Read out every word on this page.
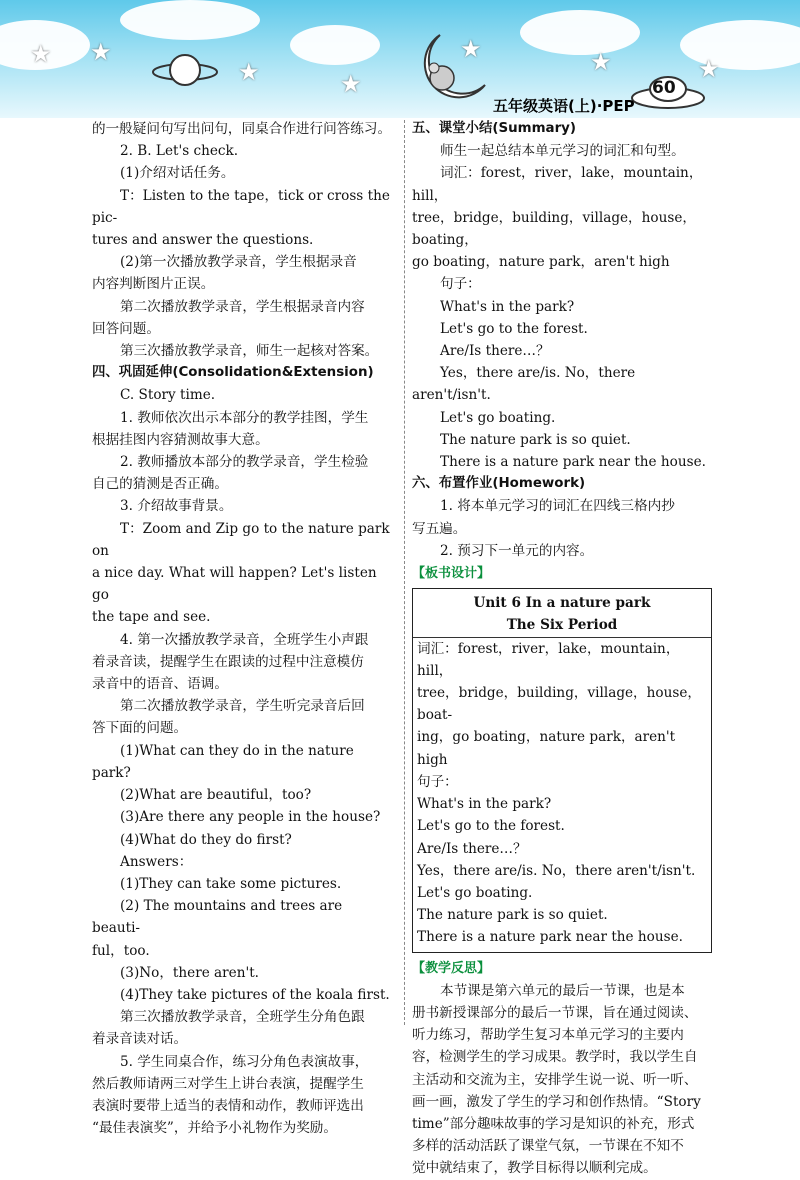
★ ★
★	★
★	★	★
60
五年级英语(上)·PEP

的一般疑问句写出问句，同桌合作进行问答练习。

2. B. Let's check.

(1)介绍对话任务。

T：Listen to the tape，tick or cross the pic-

tures and answer the questions.

(2)第一次播放教学录音，学生根据录音

内容判断图片正误。

第二次播放教学录音，学生根据录音内容

回答问题。

第三次播放教学录音，师生一起核对答案。

四、巩固延伸(Consolidation&Extension)

C. Story time.

1. 教师依次出示本部分的教学挂图，学生

根据挂图内容猜测故事大意。

2. 教师播放本部分的教学录音，学生检验

自己的猜测是否正确。

3. 介绍故事背景。

T：Zoom and Zip go to the nature park on

a nice day. What will happen? Let's listen go

the tape and see.

4. 第一次播放教学录音，全班学生小声跟

着录音读，提醒学生在跟读的过程中注意模仿

录音中的语音、语调。

第二次播放教学录音，学生听完录音后回

答下面的问题。

(1)What can they do in the nature park?

(2)What are beautiful，too?

(3)Are there any people in the house?

(4)What do they do first?

Answers：

(1)They can take some pictures.

(2) The mountains and trees are beauti-

ful，too.

(3)No，there aren't.

(4)They take pictures of the koala first.

第三次播放教学录音，全班学生分角色跟

着录音读对话。

5. 学生同桌合作，练习分角色表演故事，

然后教师请两三对学生上讲台表演，提醒学生

表演时要带上适当的表情和动作，教师评选出

“最佳表演奖”，并给予小礼物作为奖励。

五、课堂小结(Summary)

师生一起总结本单元学习的词汇和句型。

词汇：forest，river，lake，mountain，hill，

tree，bridge，building，village，house，boating，

go boating，nature park，aren't high

句子：

What's in the park?

Let's go to the forest.

Are/Is there…？

Yes，there are/is. No，there aren't/isn't.

Let's go boating.

The nature park is so quiet.

There is a nature park near the house.

六、布置作业(Homework)

1. 将本单元学习的词汇在四线三格内抄

写五遍。

2. 预习下一单元的内容。

【板书设计】

Unit 6 In a nature park

The Six Period

词汇：forest，river，lake，mountain，hill，

tree，bridge，building，village，house，boat-

ing，go boating，nature park，aren't high

句子：

What's in the park?

Let's go to the forest.

Are/Is there…？

Yes，there are/is. No，there aren't/isn't.

Let's go boating.

The nature park is so quiet.

There is a nature park near the house.

【教学反思】

本节课是第六单元的最后一节课，也是本

册书新授课部分的最后一节课，旨在通过阅读、

听力练习，帮助学生复习本单元学习的主要内

容，检测学生的学习成果。教学时，我以学生自

主活动和交流为主，安排学生说一说、听一听、

画一画，激发了学生的学习和创作热情。“Story

time”部分趣味故事的学习是知识的补充，形式

多样的活动活跃了课堂气氛，一节课在不知不

觉中就结束了，教学目标得以顺利完成。
